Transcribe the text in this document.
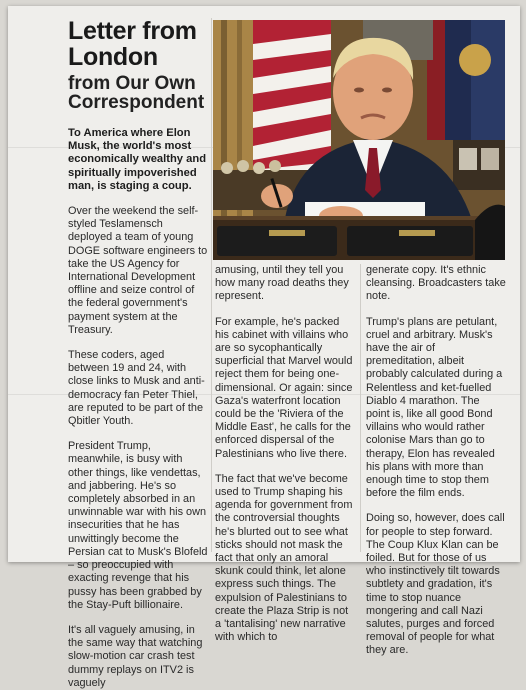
Letter from London
from Our Own Correspondent

To America where Elon Musk, the world's most economically wealthy and spiritually impoverished man, is staging a coup.

Over the weekend the self-styled Teslamensch deployed a team of young DOGE software engineers to take the US Agency for International Development offline and seize control of the federal government's payment system at the Treasury.

These coders, aged between 19 and 24, with close links to Musk and anti-democracy fan Peter Thiel, are reputed to be part of the Qbitler Youth.

President Trump, meanwhile, is busy with other things, like vendettas, and jabbering. He's so completely absorbed in an unwinnable war with his own insecurities that he has unwittingly become the Persian cat to Musk's Blofeld – so preoccupied with exacting revenge that his pussy has been grabbed by the Stay-Puft billionaire.

It's all vaguely amusing, in the same way that watching slow-motion car crash test dummy replays on ITV2 is vaguely

amusing, until they tell you how many road deaths they represent.

For example, he's packed his cabinet with villains who are so sycophantically superficial that Marvel would reject them for being one-dimensional. Or again: since Gaza's waterfront location could be the 'Riviera of the Middle East', he calls for the enforced dispersal of the Palestinians who live there.

The fact that we've become used to Trump shaping his agenda for government from the controversial thoughts he's blurted out to see what sticks should not mask the fact that only an amoral skunk could think, let alone express such things. The expulsion of Palestinians to create the Plaza Strip is not a 'tantalising' new narrative with which to

generate copy. It's ethnic cleansing. Broadcasters take note.

Trump's plans are petulant, cruel and arbitrary. Musk's have the air of premeditation, albeit probably calculated during a Relentless and ket-fuelled Diablo 4 marathon. The point is, like all good Bond villains who would rather colonise Mars than go to therapy, Elon has revealed his plans with more than enough time to stop them before the film ends.

Doing so, however, does call for people to step forward. The Coup Klux Klan can be foiled. But for those of us who instinctively tilt towards subtlety and gradation, it's time to stop nuance mongering and call Nazi salutes, purges and forced removal of people for what they are.
